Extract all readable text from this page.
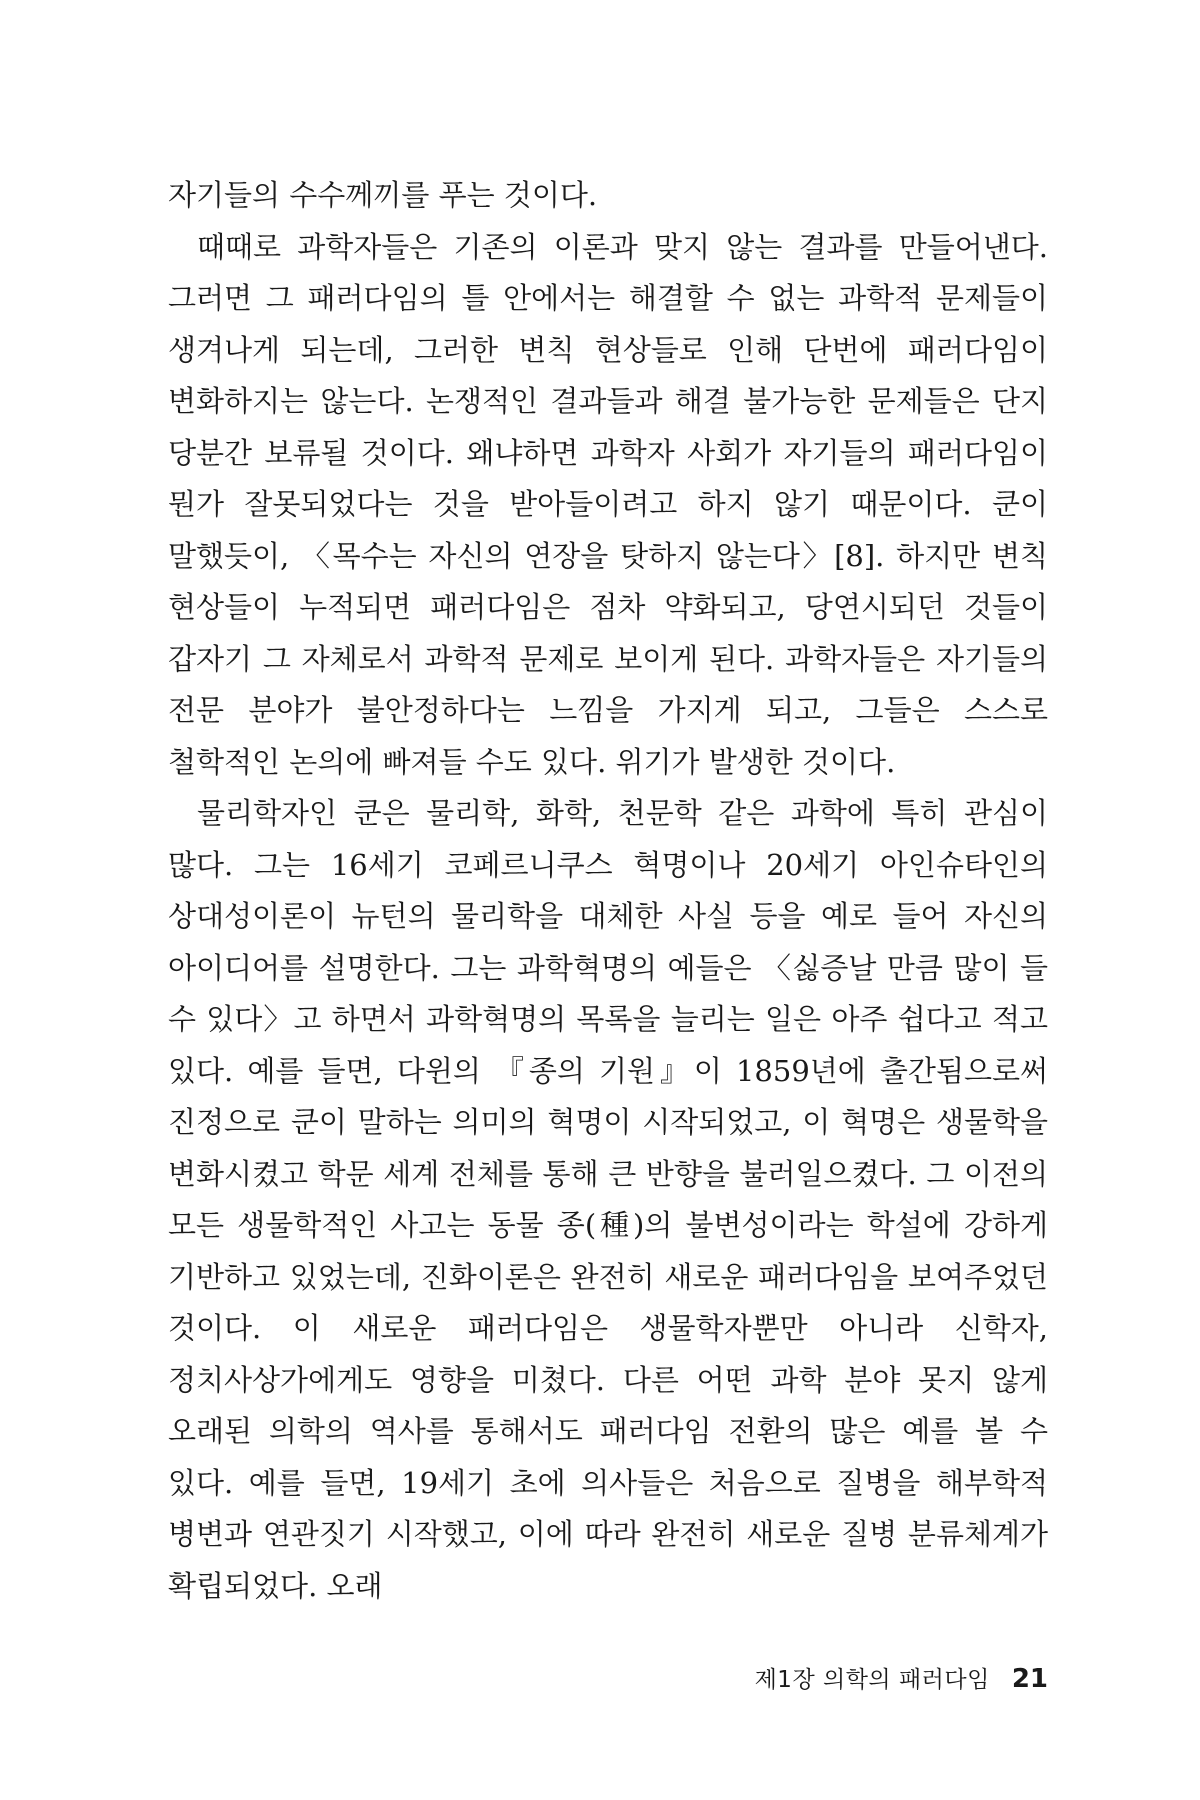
자기들의 수수께끼를 푸는 것이다.

때때로 과학자들은 기존의 이론과 맞지 않는 결과를 만들어낸다. 그러면 그 패러다임의 틀 안에서는 해결할 수 없는 과학적 문제들이 생겨나게 되는데, 그러한 변칙 현상들로 인해 단번에 패러다임이 변화하지는 않는다. 논쟁적인 결과들과 해결 불가능한 문제들은 단지 당분간 보류될 것이다. 왜냐하면 과학자 사회가 자기들의 패러다임이 뭔가 잘못되었다는 것을 받아들이려고 하지 않기 때문이다. 쿤이 말했듯이, 〈목수는 자신의 연장을 탓하지 않는다〉[8]. 하지만 변칙 현상들이 누적되면 패러다임은 점차 약화되고, 당연시되던 것들이 갑자기 그 자체로서 과학적 문제로 보이게 된다. 과학자들은 자기들의 전문 분야가 불안정하다는 느낌을 가지게 되고, 그들은 스스로 철학적인 논의에 빠져들 수도 있다. 위기가 발생한 것이다.

물리학자인 쿤은 물리학, 화학, 천문학 같은 과학에 특히 관심이 많다. 그는 16세기 코페르니쿠스 혁명이나 20세기 아인슈타인의 상대성이론이 뉴턴의 물리학을 대체한 사실 등을 예로 들어 자신의 아이디어를 설명한다. 그는 과학혁명의 예들은 〈싫증날 만큼 많이 들 수 있다〉고 하면서 과학혁명의 목록을 늘리는 일은 아주 쉽다고 적고 있다. 예를 들면, 다윈의 『종의 기원』이 1859년에 출간됨으로써 진정으로 쿤이 말하는 의미의 혁명이 시작되었고, 이 혁명은 생물학을 변화시켰고 학문 세계 전체를 통해 큰 반향을 불러일으켰다. 그 이전의 모든 생물학적인 사고는 동물 종(種)의 불변성이라는 학설에 강하게 기반하고 있었는데, 진화이론은 완전히 새로운 패러다임을 보여주었던 것이다. 이 새로운 패러다임은 생물학자뿐만 아니라 신학자, 정치사상가에게도 영향을 미쳤다. 다른 어떤 과학 분야 못지 않게 오래된 의학의 역사를 통해서도 패러다임 전환의 많은 예를 볼 수 있다. 예를 들면, 19세기 초에 의사들은 처음으로 질병을 해부학적 병변과 연관짓기 시작했고, 이에 따라 완전히 새로운 질병 분류체계가 확립되었다. 오래

제1장 의학의 패러다임 21
